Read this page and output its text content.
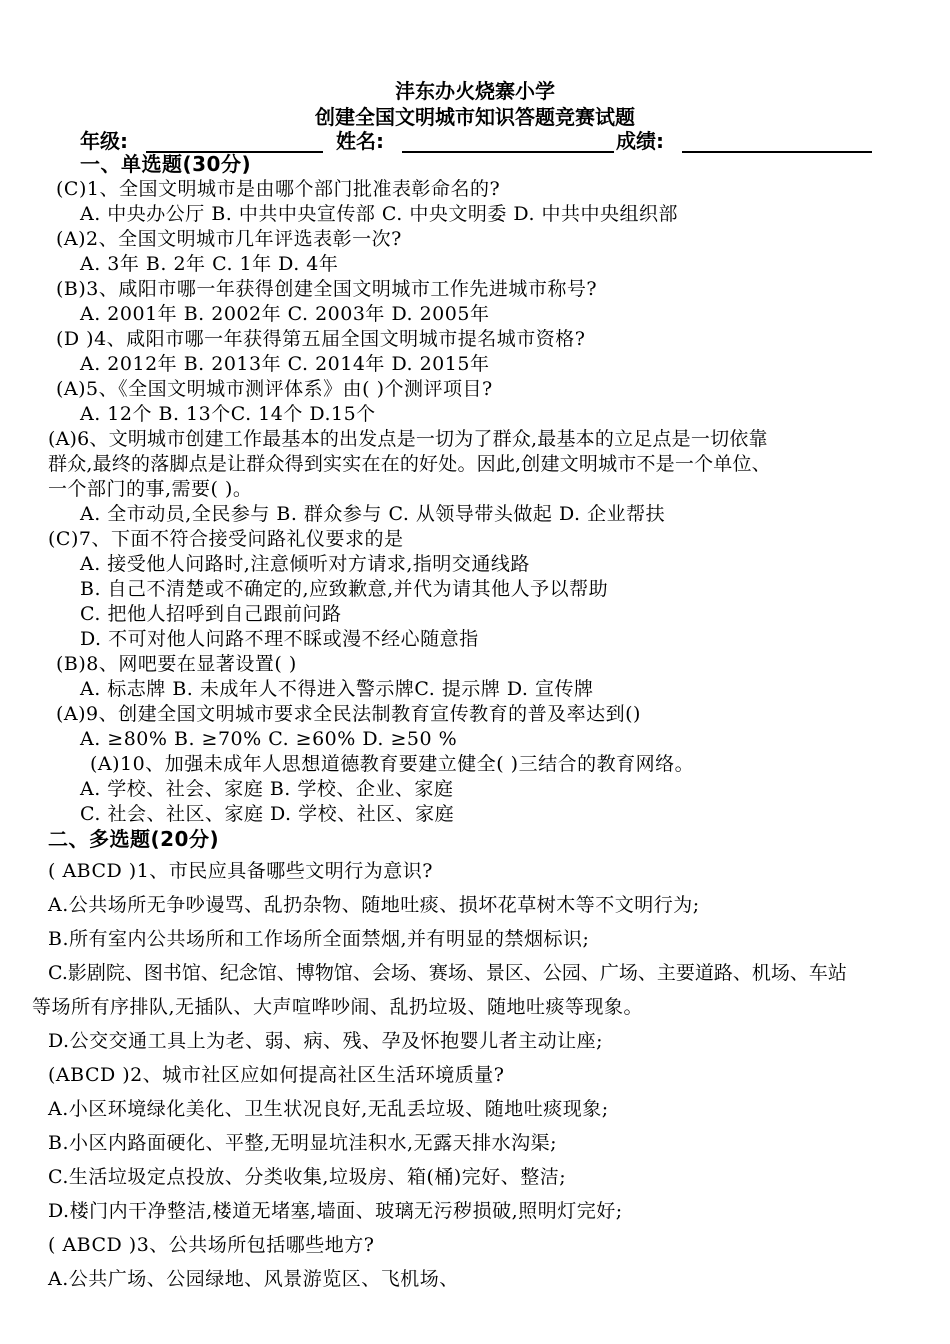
沣东办火烧寨小学
创建全国文明城市知识答题竞赛试题
年级:	姓名:	成绩:
一、单选题(30分)
(C)1、全国文明城市是由哪个部门批准表彰命名的?
A. 中央办公厅 B. 中共中央宣传部 C. 中央文明委 D. 中共中央组织部
(A)2、全国文明城市几年评选表彰一次?
A. 3年 B. 2年 C. 1年 D. 4年
(B)3、咸阳市哪一年获得创建全国文明城市工作先进城市称号?
A. 2001年 B. 2002年 C. 2003年 D. 2005年
(D )4、咸阳市哪一年获得第五届全国文明城市提名城市资格?
A. 2012年 B. 2013年 C. 2014年 D. 2015年
(A)5、《全国文明城市测评体系》由( )个测评项目?
A. 12个 B. 13个C. 14个 D.15个
(A)6、文明城市创建工作最基本的出发点是一切为了群众,最基本的立足点是一切依靠
群众,最终的落脚点是让群众得到实实在在的好处。因此,创建文明城市不是一个单位、
一个部门的事,需要( )。
A. 全市动员,全民参与 B. 群众参与 C. 从领导带头做起 D. 企业帮扶
(C)7、下面不符合接受问路礼仪要求的是
A. 接受他人问路时,注意倾听对方请求,指明交通线路
B. 自己不清楚或不确定的,应致歉意,并代为请其他人予以帮助
C. 把他人招呼到自己跟前问路
D. 不可对他人问路不理不睬或漫不经心随意指
(B)8、网吧要在显著设置( )
A. 标志牌 B. 未成年人不得进入警示牌C. 提示牌 D. 宣传牌
(A)9、创建全国文明城市要求全民法制教育宣传教育的普及率达到()
A. ≥80% B. ≥70% C. ≥60% D. ≥50 %
(A)10、加强未成年人思想道德教育要建立健全( )三结合的教育网络。
A. 学校、社会、家庭 B. 学校、企业、家庭
C. 社会、社区、家庭 D. 学校、社区、家庭
二、多选题(20分)
( ABCD )1、市民应具备哪些文明行为意识?
A.公共场所无争吵谩骂、乱扔杂物、随地吐痰、损坏花草树木等不文明行为;
B.所有室内公共场所和工作场所全面禁烟,并有明显的禁烟标识;
C.影剧院、图书馆、纪念馆、博物馆、会场、赛场、景区、公园、广场、主要道路、机场、车站
等场所有序排队,无插队、大声喧哗吵闹、乱扔垃圾、随地吐痰等现象。
D.公交交通工具上为老、弱、病、残、孕及怀抱婴儿者主动让座;
(ABCD )2、城市社区应如何提高社区生活环境质量?
A.小区环境绿化美化、卫生状况良好,无乱丢垃圾、随地吐痰现象;
B.小区内路面硬化、平整,无明显坑洼积水,无露天排水沟渠;
C.生活垃圾定点投放、分类收集,垃圾房、箱(桶)完好、整洁;
D.楼门内干净整洁,楼道无堵塞,墙面、玻璃无污秽损破,照明灯完好;
( ABCD )3、公共场所包括哪些地方?
A.公共广场、公园绿地、风景游览区、飞机场、
